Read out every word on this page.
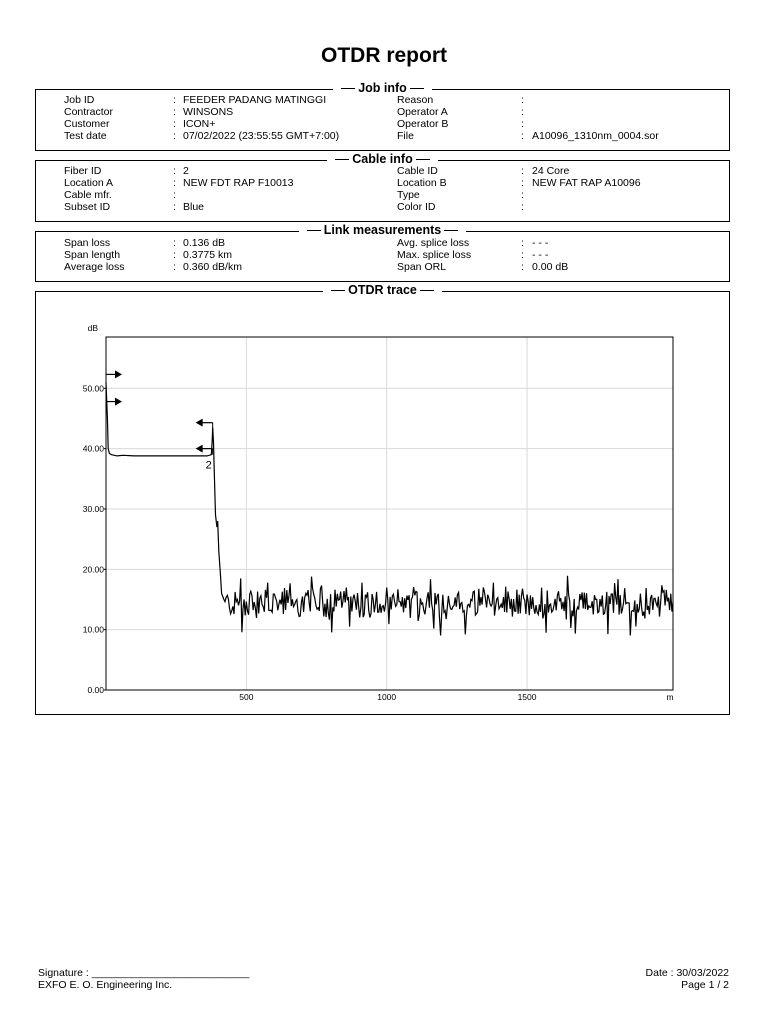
OTDR report
Job info
Job ID	: FEEDER PADANG MATINGGI	Reason	:
Contractor	: WINSONS	Operator A	:
Customer	: ICON+	Operator B	:
Test date	: 07/02/2022 (23:55:55 GMT+7:00)	File	: A10096_1310nm_0004.sor
Cable info
Fiber ID	: 2	Cable ID	: 24 Core
Location A	: NEW FDT RAP F10013	Location B	: NEW FAT RAP A10096
Cable mfr.	:	Type	:
Subset ID	: Blue	Color ID	:
Link measurements
Span loss	: 0.136 dB	Avg. splice loss	: - - -
Span length	: 0.3775 km	Max. splice loss	: - - -
Average loss	: 0.360 dB/km	Span ORL	: 0.00 dB
OTDR trace
0.00
10.00
20.00
30.00
40.00
50.00
500	1000	1500
dB
m
2
Signature : ___________________________
EXFO E. O. Engineering Inc.
Date : 30/03/2022
Page 1 / 2
